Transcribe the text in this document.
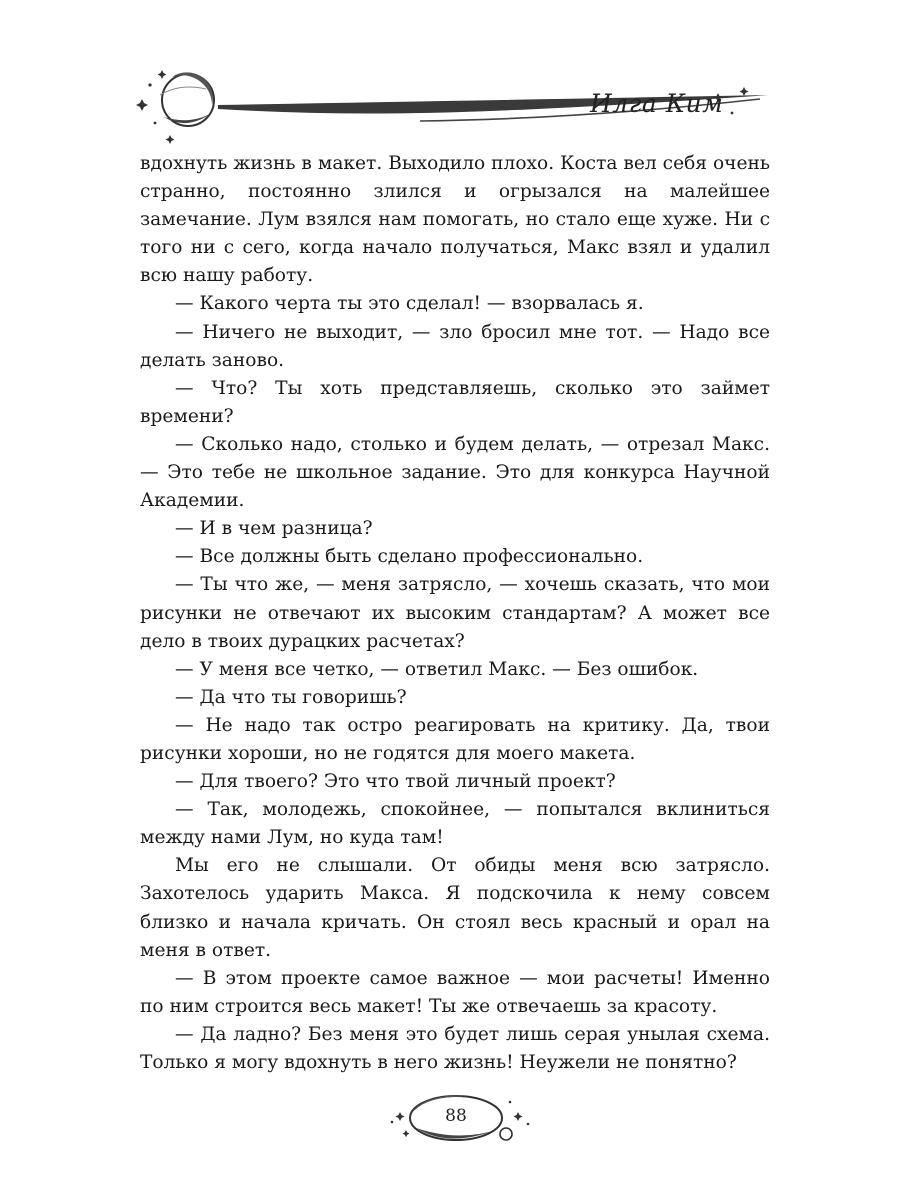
Илга Ким

вдохнуть жизнь в макет. Выходило плохо. Коста вел себя очень странно, постоянно злился и огрызался на малейшее замечание. Лум взялся нам помогать, но стало еще хуже. Ни с того ни с сего, когда начало получаться, Макс взял и удалил всю нашу работу.

— Какого черта ты это сделал! — взорвалась я.

— Ничего не выходит, — зло бросил мне тот. — Надо все делать заново.

— Что? Ты хоть представляешь, сколько это займет времени?

— Сколько надо, столько и будем делать, — отрезал Макс. — Это тебе не школьное задание. Это для конкурса Научной Академии.

— И в чем разница?

— Все должны быть сделано профессионально.

— Ты что же, — меня затрясло, — хочешь сказать, что мои рисунки не отвечают их высоким стандартам? А может все дело в твоих дурацких расчетах?

— У меня все четко, — ответил Макс. — Без ошибок.

— Да что ты говоришь?

— Не надо так остро реагировать на критику. Да, твои рисунки хороши, но не годятся для моего макета.

— Для твоего? Это что твой личный проект?

— Так, молодежь, спокойнее, — попытался вклиниться между нами Лум, но куда там!

Мы его не слышали. От обиды меня всю затрясло. Захотелось ударить Макса. Я подскочила к нему совсем близко и начала кричать. Он стоял весь красный и орал на меня в ответ.

— В этом проекте самое важное — мои расчеты! Именно по ним строится весь макет! Ты же отвечаешь за красоту.

— Да ладно? Без меня это будет лишь серая унылая схема. Только я могу вдохнуть в него жизнь! Неужели не понятно?

88
